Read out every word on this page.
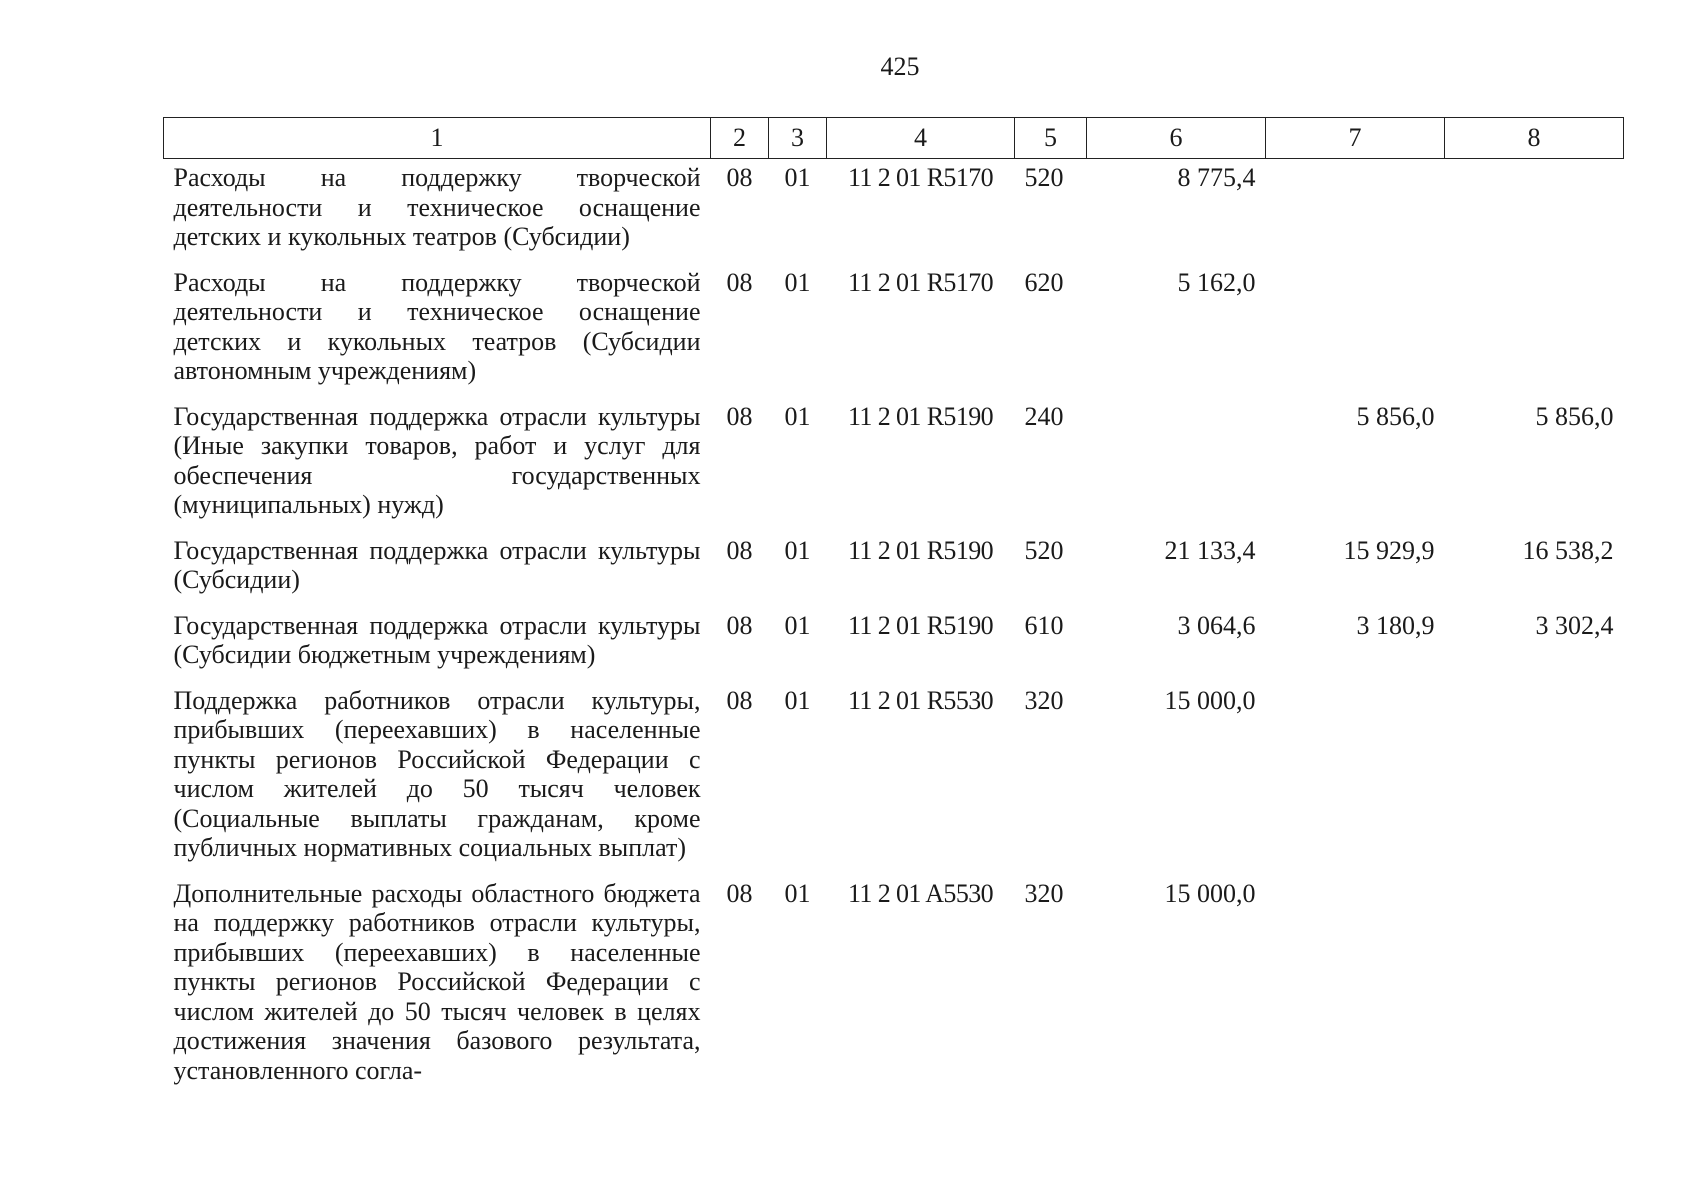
425
1	2	3	4	5	6	7	8
Расходы на поддержку творческой деятельности и техническое оснащение детских и кукольных театров (Субсидии)	08	01	11 2 01 R5170	520	8 775,4		
Расходы на поддержку творческой деятельности и техническое оснащение детских и кукольных театров (Субсидии автономным учреждениям)	08	01	11 2 01 R5170	620	5 162,0		
Государственная поддержка отрасли культуры (Иные закупки товаров, работ и услуг для обеспечения государственных (муниципальных) нужд)	08	01	11 2 01 R5190	240		5 856,0	5 856,0
Государственная поддержка отрасли культуры (Субсидии)	08	01	11 2 01 R5190	520	21 133,4	15 929,9	16 538,2
Государственная поддержка отрасли культуры (Субсидии бюджетным учреждениям)	08	01	11 2 01 R5190	610	3 064,6	3 180,9	3 302,4
Поддержка работников отрасли культуры, прибывших (переехавших) в населенные пункты регионов Российской Федерации с числом жителей до 50 тысяч человек (Социальные выплаты гражданам, кроме публичных нормативных социальных выплат)	08	01	11 2 01 R5530	320	15 000,0		
Дополнительные расходы областного бюджета на поддержку работников отрасли культуры, прибывших (переехавших) в населенные пункты регионов Российской Федерации с числом жителей до 50 тысяч человек в целях достижения значения базового результата, установленного согла-	08	01	11 2 01 A5530	320	15 000,0		
